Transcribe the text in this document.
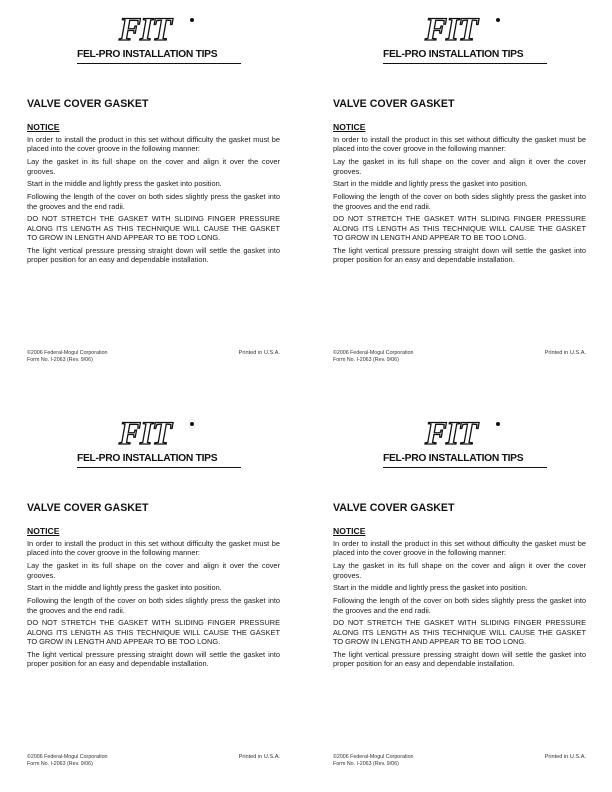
FIT
FEL-PRO INSTALLATION TIPS
VALVE COVER GASKET
NOTICE

In order to install the product in this set without difficulty the gasket must be placed into the cover groove in the following manner:

Lay the gasket in its full shape on the cover and align it over the cover grooves.

Start in the middle and lightly press the gasket into position.

Following the length of the cover on both sides slightly press the gasket into the grooves and the end radii.

DO NOT STRETCH THE GASKET WITH SLIDING FINGER PRESSURE ALONG ITS LENGTH AS THIS TECHNIQUE WILL CAUSE THE GASKET TO GROW IN LENGTH AND APPEAR TO BE TOO LONG.

The light vertical pressure pressing straight down will settle the gasket into proper position for an easy and dependable installation.

©2006 Federal-Mogul Corporation
Form No. I-2063 (Rev. 9/06)
Printed in U.S.A.
FIT
FEL-PRO INSTALLATION TIPS
VALVE COVER GASKET
NOTICE

In order to install the product in this set without difficulty the gasket must be placed into the cover groove in the following manner:

Lay the gasket in its full shape on the cover and align it over the cover grooves.

Start in the middle and lightly press the gasket into position.

Following the length of the cover on both sides slightly press the gasket into the grooves and the end radii.

DO NOT STRETCH THE GASKET WITH SLIDING FINGER PRESSURE ALONG ITS LENGTH AS THIS TECHNIQUE WILL CAUSE THE GASKET TO GROW IN LENGTH AND APPEAR TO BE TOO LONG.

The light vertical pressure pressing straight down will settle the gasket into proper position for an easy and dependable installation.

©2006 Federal-Mogul Corporation
Form No. I-2063 (Rev. 9/06)
Printed in U.S.A.
FIT
FEL-PRO INSTALLATION TIPS
VALVE COVER GASKET
NOTICE

In order to install the product in this set without difficulty the gasket must be placed into the cover groove in the following manner:

Lay the gasket in its full shape on the cover and align it over the cover grooves.

Start in the middle and lightly press the gasket into position.

Following the length of the cover on both sides slightly press the gasket into the grooves and the end radii.

DO NOT STRETCH THE GASKET WITH SLIDING FINGER PRESSURE ALONG ITS LENGTH AS THIS TECHNIQUE WILL CAUSE THE GASKET TO GROW IN LENGTH AND APPEAR TO BE TOO LONG.

The light vertical pressure pressing straight down will settle the gasket into proper position for an easy and dependable installation.

©2006 Federal-Mogul Corporation
Form No. I-2063 (Rev. 9/06)
Printed in U.S.A.
FIT
FEL-PRO INSTALLATION TIPS
VALVE COVER GASKET
NOTICE

In order to install the product in this set without difficulty the gasket must be placed into the cover groove in the following manner:

Lay the gasket in its full shape on the cover and align it over the cover grooves.

Start in the middle and lightly press the gasket into position.

Following the length of the cover on both sides slightly press the gasket into the grooves and the end radii.

DO NOT STRETCH THE GASKET WITH SLIDING FINGER PRESSURE ALONG ITS LENGTH AS THIS TECHNIQUE WILL CAUSE THE GASKET TO GROW IN LENGTH AND APPEAR TO BE TOO LONG.

The light vertical pressure pressing straight down will settle the gasket into proper position for an easy and dependable installation.

©2006 Federal-Mogul Corporation
Form No. I-2063 (Rev. 9/06)
Printed in U.S.A.
